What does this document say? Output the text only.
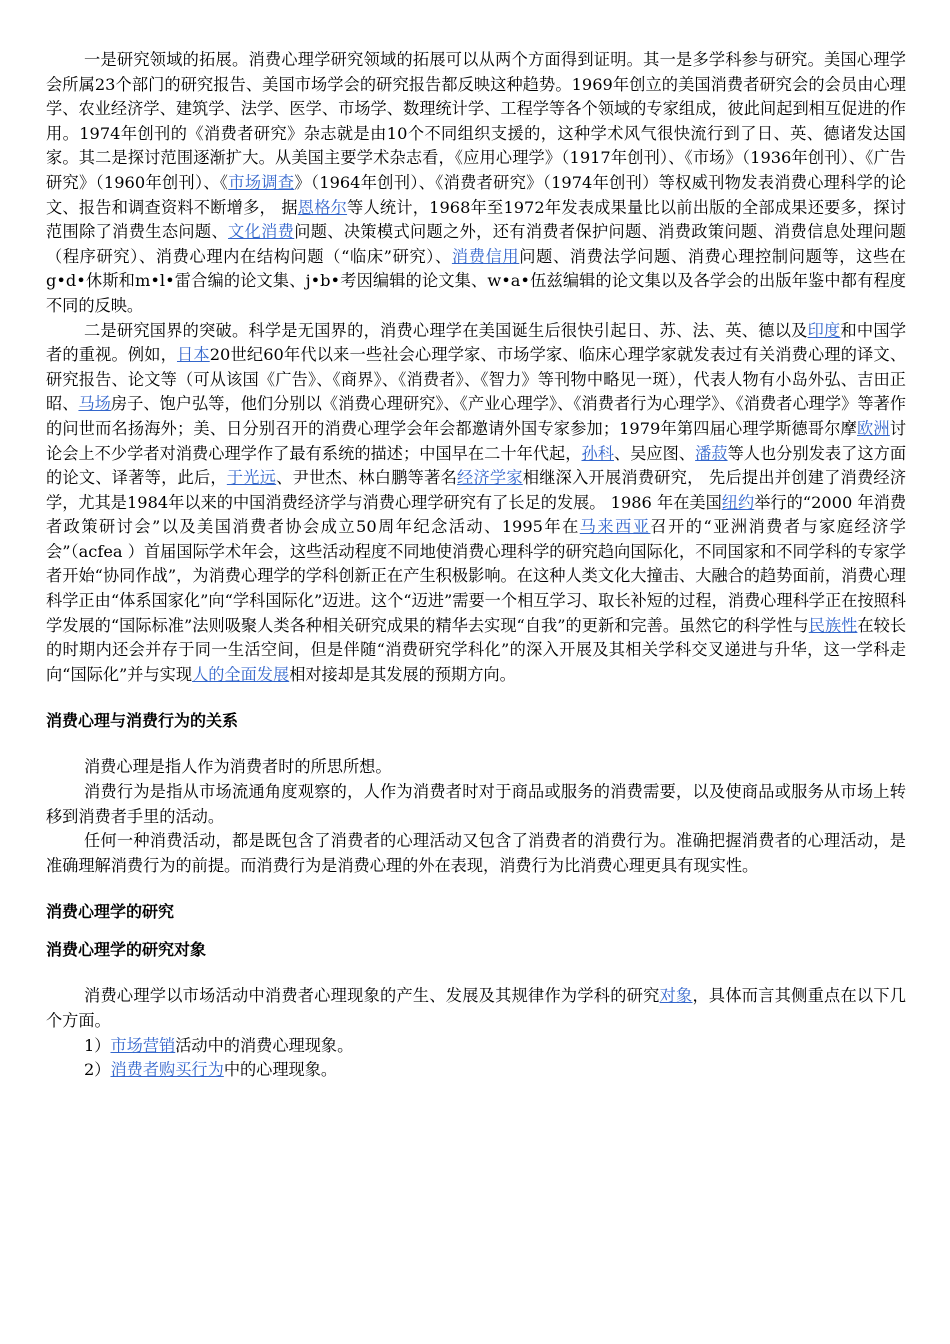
一是研究领域的拓展。消费心理学研究领域的拓展可以从两个方面得到证明。其一是多学科参与研究。美国心理学会所属23个部门的研究报告、美国市场学会的研究报告都反映这种趋势。1969年创立的美国消费者研究会的会员由心理学、农业经济学、建筑学、法学、医学、市场学、数理统计学、工程学等各个领域的专家组成，彼此间起到相互促进的作用。1974年创刊的《消费者研究》杂志就是由10个不同组织支援的，这种学术风气很快流行到了日、英、德诸发达国家。其二是探讨范围逐渐扩大。从美国主要学术杂志看，《应用心理学》（1917年创刊）、《市场》（1936年创刊）、《广告研究》（1960年创刊）、《市场调查》（1964年创刊）、《消费者研究》（1974年创刊）等权威刊物发表消费心理科学的论文、报告和调查资料不断增多， 据恩格尔等人统计，1968年至1972年发表成果量比以前出版的全部成果还要多，探讨范围除了消费生态问题、文化消费问题、决策模式问题之外，还有消费者保护问题、消费政策问题、消费信息处理问题（程序研究）、消费心理内在结构问题（“临床”研究）、消费信用问题、消费法学问题、消费心理控制问题等，这些在g•d•休斯和m•l•雷合编的论文集、j•b•考因编辑的论文集、w•a•伍兹编辑的论文集以及各学会的出版年鉴中都有程度不同的反映。

二是研究国界的突破。科学是无国界的，消费心理学在美国诞生后很快引起日、苏、法、英、德以及印度和中国学者的重视。例如，日本20世纪60年代以来一些社会心理学家、市场学家、临床心理学家就发表过有关消费心理的译文、研究报告、论文等（可从该国《广告》、《商界》、《消费者》、《智力》等刊物中略见一斑），代表人物有小岛外弘、吉田正昭、马场房子、饱户弘等，他们分别以《消费心理研究》、《产业心理学》、《消费者行为心理学》、《消费者心理学》等著作的问世而名扬海外；美、日分别召开的消费心理学会年会都邀请外国专家参加；1979年第四届心理学斯德哥尔摩欧洲讨论会上不少学者对消费心理学作了最有系统的描述；中国早在二十年代起，孙科、吴应图、潘菽等人也分别发表了这方面的论文、译著等，此后，于光远、尹世杰、林白鹏等著名经济学家相继深入开展消费研究， 先后提出并创建了消费经济学，尤其是1984年以来的中国消费经济学与消费心理学研究有了长足的发展。 1986 年在美国纽约举行的“2000 年消费者政策研讨会”以及美国消费者协会成立50周年纪念活动、1995年在马来西亚召开的“亚洲消费者与家庭经济学会”（acfea ）首届国际学术年会，这些活动程度不同地使消费心理科学的研究趋向国际化，不同国家和不同学科的专家学者开始“协同作战”，为消费心理学的学科创新正在产生积极影响。在这种人类文化大撞击、大融合的趋势面前，消费心理科学正由“体系国家化”向“学科国际化”迈进。这个“迈进”需要一个相互学习、取长补短的过程，消费心理科学正在按照科学发展的“国际标准”法则吸聚人类各种相关研究成果的精华去实现“自我”的更新和完善。虽然它的科学性与民族性在较长的时期内还会并存于同一生活空间，但是伴随“消费研究学科化”的深入开展及其相关学科交叉递进与升华，这一学科走向“国际化”并与实现人的全面发展相对接却是其发展的预期方向。

消费心理与消费行为的关系

消费心理是指人作为消费者时的所思所想。

消费行为是指从市场流通角度观察的，人作为消费者时对于商品或服务的消费需要，以及使商品或服务从市场上转移到消费者手里的活动。

任何一种消费活动，都是既包含了消费者的心理活动又包含了消费者的消费行为。准确把握消费者的心理活动，是准确理解消费行为的前提。而消费行为是消费心理的外在表现，消费行为比消费心理更具有现实性。

消费心理学的研究
消费心理学的研究对象

消费心理学以市场活动中消费者心理现象的产生、发展及其规律作为学科的研究对象，具体而言其侧重点在以下几个方面。

1）市场营销活动中的消费心理现象。

2）消费者购买行为中的心理现象。
